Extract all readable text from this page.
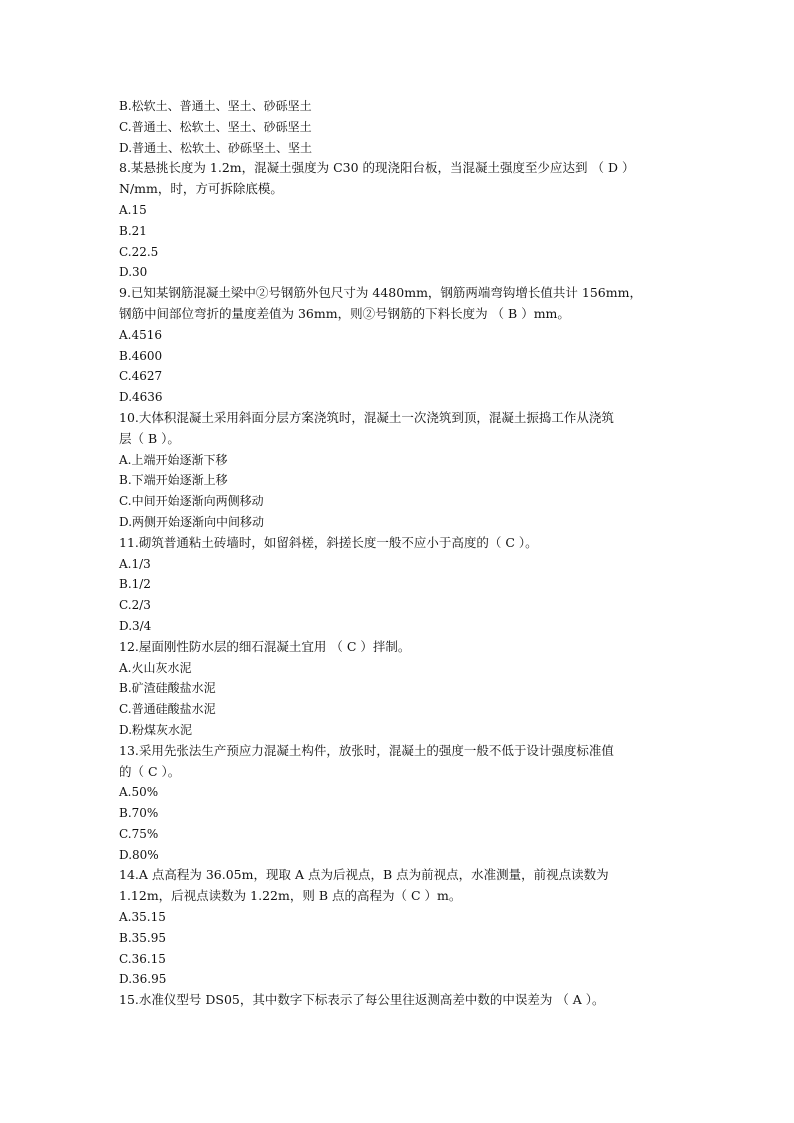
B.松软土、普通土、坚土、砂砾坚土
C.普通土、松软土、坚土、砂砾坚土
D.普通土、松软土、砂砾坚土、坚土
8.某悬挑长度为 1.2m，混凝土强度为 C30 的现浇阳台板，当混凝土强度至少应达到 （ D ）
N/mm，时，方可拆除底模。
A.15
B.21
C.22.5
D.30
9.已知某钢筋混凝土梁中②号钢筋外包尺寸为 4480mm，钢筋两端弯钩增长值共计 156mm，
钢筋中间部位弯折的量度差值为 36mm，则②号钢筋的下料长度为 （ B ）mm。
A.4516
B.4600
C.4627
D.4636
10.大体积混凝土采用斜面分层方案浇筑时，混凝土一次浇筑到顶，混凝土振捣工作从浇筑
层（ B ）。
A.上端开始逐渐下移
B.下端开始逐渐上移
C.中间开始逐渐向两侧移动
D.两侧开始逐渐向中间移动
11.砌筑普通粘土砖墙时，如留斜槎，斜搓长度一般不应小于高度的（ C ）。
A.1/3
B.1/2
C.2/3
D.3/4
12.屋面刚性防水层的细石混凝土宜用 （ C ）拌制。
A.火山灰水泥
B.矿渣硅酸盐水泥
C.普通硅酸盐水泥
D.粉煤灰水泥
13.采用先张法生产预应力混凝土构件，放张时，混凝土的强度一般不低于设计强度标准值
的（ C ）。
A.50%
B.70%
C.75%
D.80%
14.A 点高程为 36.05m，现取 A 点为后视点，B 点为前视点，水准测量，前视点读数为
1.12m，后视点读数为 1.22m，则 B 点的高程为（ C ）m。
A.35.15
B.35.95
C.36.15
D.36.95
15.水准仪型号 DS05，其中数字下标表示了每公里往返测高差中数的中误差为 （ A ）。
